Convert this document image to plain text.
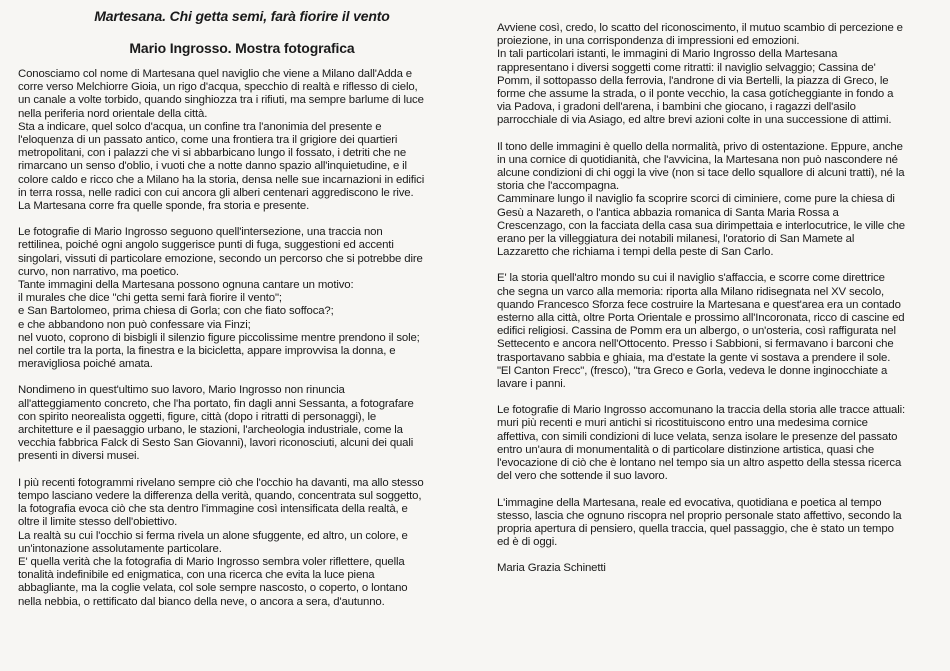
Martesana. Chi getta semi, farà fiorire il vento
Mario Ingrosso. Mostra fotografica

Conosciamo col nome di Martesana quel naviglio che viene a Milano dall'Adda e
corre verso Melchiorre Gioia, un rigo d'acqua, specchio di realtà e riflesso di cielo,
un canale a volte torbido, quando singhiozza tra i rifiuti, ma sempre barlume di luce
nella periferia nord orientale della città.
Sta a indicare, quel solco d'acqua, un confine tra l'anonimia del presente e
l'eloquenza di un passato antico, come una frontiera tra il grigiore dei quartieri
metropolitani, con i palazzi che vi si abbarbicano lungo il fossato, i detriti che ne
rimarcano un senso d'oblio, i vuoti che a notte danno spazio all'inquietudine, e il
colore caldo e ricco che a Milano ha la storia, densa nelle sue incarnazioni in edifici
in terra rossa, nelle radici con cui ancora gli alberi centenari aggrediscono le rive.
La Martesana corre fra quelle sponde, fra storia e presente.

Le fotografie di Mario Ingrosso seguono quell'intersezione, una traccia non
rettilinea, poiché ogni angolo suggerisce punti di fuga, suggestioni ed accenti
singolari, vissuti di particolare emozione, secondo un percorso che si potrebbe dire
curvo, non narrativo, ma poetico.
Tante immagini della Martesana possono ognuna cantare un motivo:
il murales che dice "chi getta semi farà fiorire il vento";
e San Bartolomeo, prima chiesa di Gorla; con che fiato soffoca?;
e che abbandono non può confessare via Finzi;
nel vuoto, coprono di bisbigli il silenzio figure piccolissime mentre prendono il sole;
nel cortile tra la porta, la finestra e la bicicletta, appare improvvisa la donna, e
meravigliosa poiché amata.

Nondimeno in quest'ultimo suo lavoro, Mario Ingrosso non rinuncia
all'atteggiamento concreto, che l'ha portato, fin dagli anni Sessanta, a fotografare
con spirito neorealista oggetti, figure, città (dopo i ritratti di personaggi), le
architetture e il paesaggio urbano, le stazioni, l'archeologia industriale, come la
vecchia fabbrica Falck di Sesto San Giovanni), lavori riconosciuti, alcuni dei quali
presenti in diversi musei.

I più recenti fotogrammi rivelano sempre ciò che l'occhio ha davanti, ma allo stesso
tempo lasciano vedere la differenza della verità, quando, concentrata sul soggetto,
la fotografia evoca ciò che sta dentro l'immagine così intensificata della realtà, e
oltre il limite stesso dell'obiettivo.
La realtà su cui l'occhio si ferma rivela un alone sfuggente, ed altro, un colore, e
un'intonazione assolutamente particolare.
E' quella verità che la fotografia di Mario Ingrosso sembra voler riflettere, quella
tonalità indefinibile ed enigmatica, con una ricerca che evita la luce piena
abbagliante, ma la coglie velata, col sole sempre nascosto, o coperto, o lontano
nella nebbia, o rettificato dal bianco della neve, o ancora a sera, d'autunno.

Avviene così, credo, lo scatto del riconoscimento, il mutuo scambio di percezione e
proiezione, in una corrispondenza di impressioni ed emozioni.
In tali particolari istanti, le immagini di Mario Ingrosso della Martesana
rappresentano i diversi soggetti come ritratti: il naviglio selvaggio; Cassina de'
Pomm, il sottopasso della ferrovia, l'androne di via Bertelli, la piazza di Greco, le
forme che assume la strada, o il ponte vecchio, la casa gotícheggiante in fondo a
via Padova, i gradoni dell'arena, i bambini che giocano, i ragazzi dell'asilo
parrocchiale di via Asiago, ed altre brevi azioni colte in una successione di attimi.

Il tono delle immagini è quello della normalità, privo di ostentazione. Eppure, anche
in una cornice di quotidianità, che l'avvicina, la Martesana non può nascondere né
alcune condizioni di chi oggi la vive (non si tace dello squallore di alcuni tratti), né la
storia che l'accompagna.
Camminare lungo il naviglio fa scoprire scorci di ciminiere, come pure la chiesa di
Gesù a Nazareth, o l'antica abbazia romanica di Santa Maria Rossa a
Crescenzago, con la facciata della casa sua dirimpettaia e interlocutrice, le ville che
erano per la villeggiatura dei notabili milanesi, l'oratorio di San Mamete al
Lazzaretto che richiama i tempi della peste di San Carlo.

E' la storia quell'altro mondo su cui il naviglio s'affaccia, e scorre come direttrice
che segna un varco alla memoria: riporta alla Milano ridisegnata nel XV secolo,
quando Francesco Sforza fece costruire la Martesana e quest'area era un contado
esterno alla città, oltre Porta Orientale e prossimo all'Incoronata, ricco di cascine ed
edifici religiosi. Cassina de Pomm era un albergo, o un'osteria, così raffigurata nel
Settecento e ancora nell'Ottocento. Presso i Sabbioni, si fermavano i barconi che
trasportavano sabbia e ghiaia, ma d'estate la gente vi sostava a prendere il sole.
"El Canton Frecc", (fresco), "tra Greco e Gorla, vedeva le donne inginocchiate a
lavare i panni.

Le fotografie di Mario Ingrosso accomunano la traccia della storia alle tracce attuali:
muri più recenti e muri antichi si ricostituiscono entro una medesima cornice
affettiva, con simili condizioni di luce velata, senza isolare le presenze del passato
entro un'aura di monumentalità o di particolare distinzione artistica, quasi che
l'evocazione di ciò che è lontano nel tempo sia un altro aspetto della stessa ricerca
del vero che sottende il suo lavoro.

L'immagine della Martesana, reale ed evocativa, quotidiana e poetica al tempo
stesso, lascia che ognuno riscopra nel proprio personale stato affettivo, secondo la
propria apertura di pensiero, quella traccia, quel passaggio, che è stato un tempo
ed è di oggi.

Maria Grazia Schinetti
